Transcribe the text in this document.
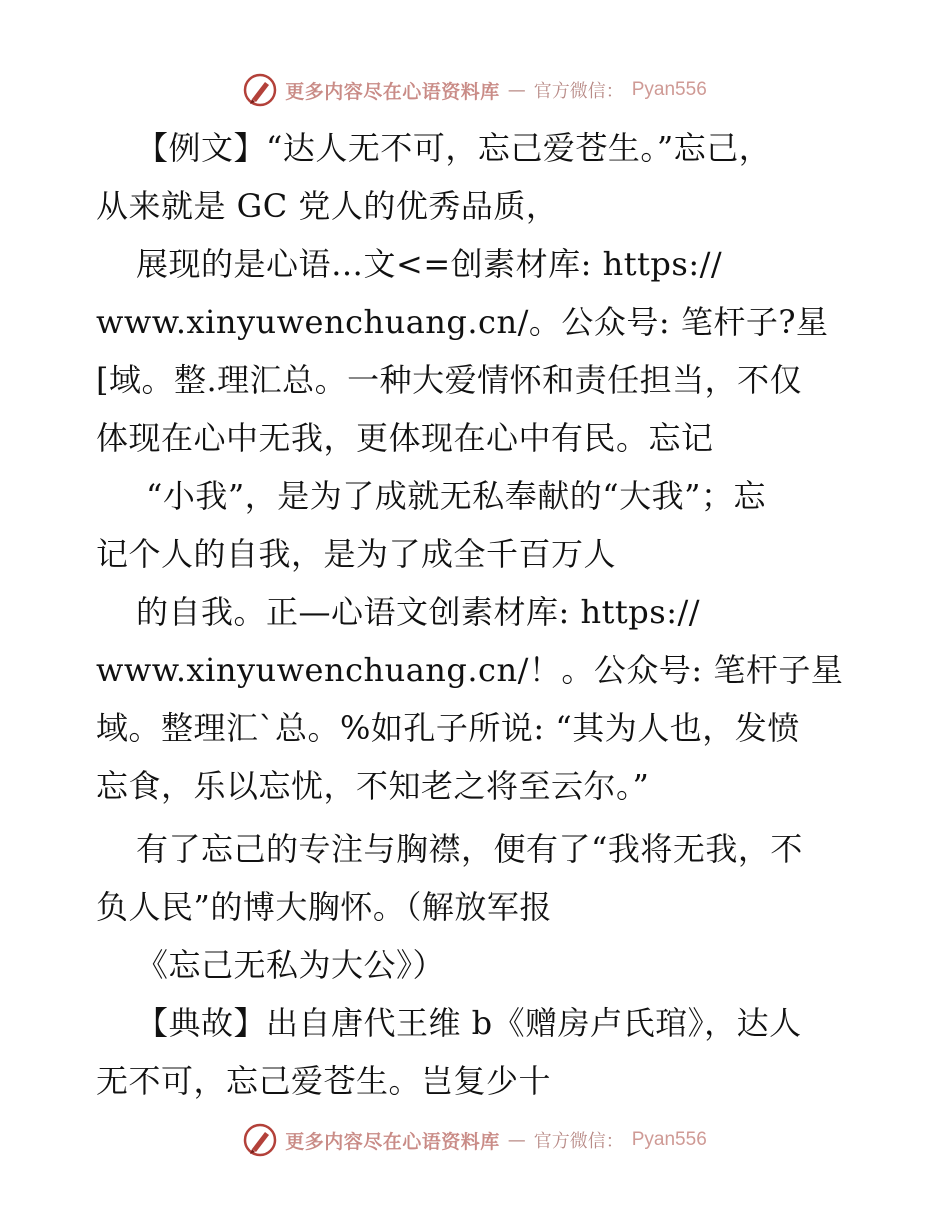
更多内容尽在心语资料库 — 官方微信： Pyan556
【例文】“达人无不可，忘己爱苍生。”忘己，
从来就是 GC 党人的优秀品质，
展现的是心语…文<=创素材库: https://
www.xinyuwenchuang.cn/。公众号: 笔杆子?星
[域。整.理汇总。一种大爱情怀和责任担当，不仅
体现在心中无我，更体现在心中有民。忘记
“小我”，是为了成就无私奉献的“大我”；忘
记个人的自我，是为了成全千百万人
的自我。正—心语文创素材库: https://
www.xinyuwenchuang.cn/！。公众号: 笔杆子星
域。整理汇`总。%如孔子所说: “其为人也，发愤
忘食，乐以忘忧，不知老之将至云尔。”
有了忘己的专注与胸襟，便有了“我将无我，不
负人民”的博大胸怀。（解放军报
《忘己无私为大公》）
【典故】出自唐代王维 b《赠房卢氏琯》，达人
无不可，忘己爱苍生。岂复少十
更多内容尽在心语资料库 — 官方微信： Pyan556
